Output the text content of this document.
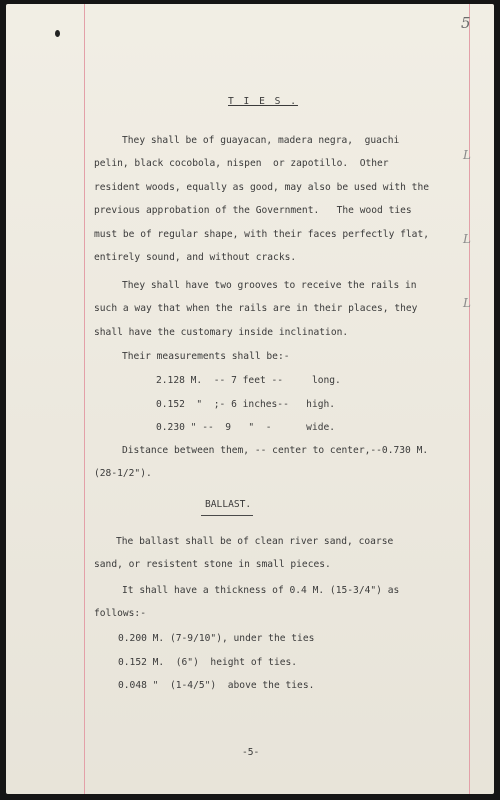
5
L
L
L
T I E S .
They shall be of guayacan, madera negra,  guachi
pelin, black cocobola, nispen  or zapotillo.  Other
resident woods, equally as good, may also be used with the
previous approbation of the Government.   The wood ties
must be of regular shape, with their faces perfectly flat,
entirely sound, and without cracks.
They shall have two grooves to receive the rails in
such a way that when the rails are in their places, they
shall have the customary inside inclination.
Their measurements shall be:-
2.128 M.  -- 7 feet --     long.
0.152  "  ;- 6 inches--   high.
0.230 " --  9   "  -      wide.
Distance between them, -- center to center,--0.730 M.
(28-1/2").
BALLAST.
The ballast shall be of clean river sand, coarse
sand, or resistent stone in small pieces.
It shall have a thickness of 0.4 M. (15-3/4") as
follows:-
0.200 M. (7-9/10"), under the ties
0.152 M.  (6")  height of ties.
0.048 "  (1-4/5")  above the ties.
-5-
